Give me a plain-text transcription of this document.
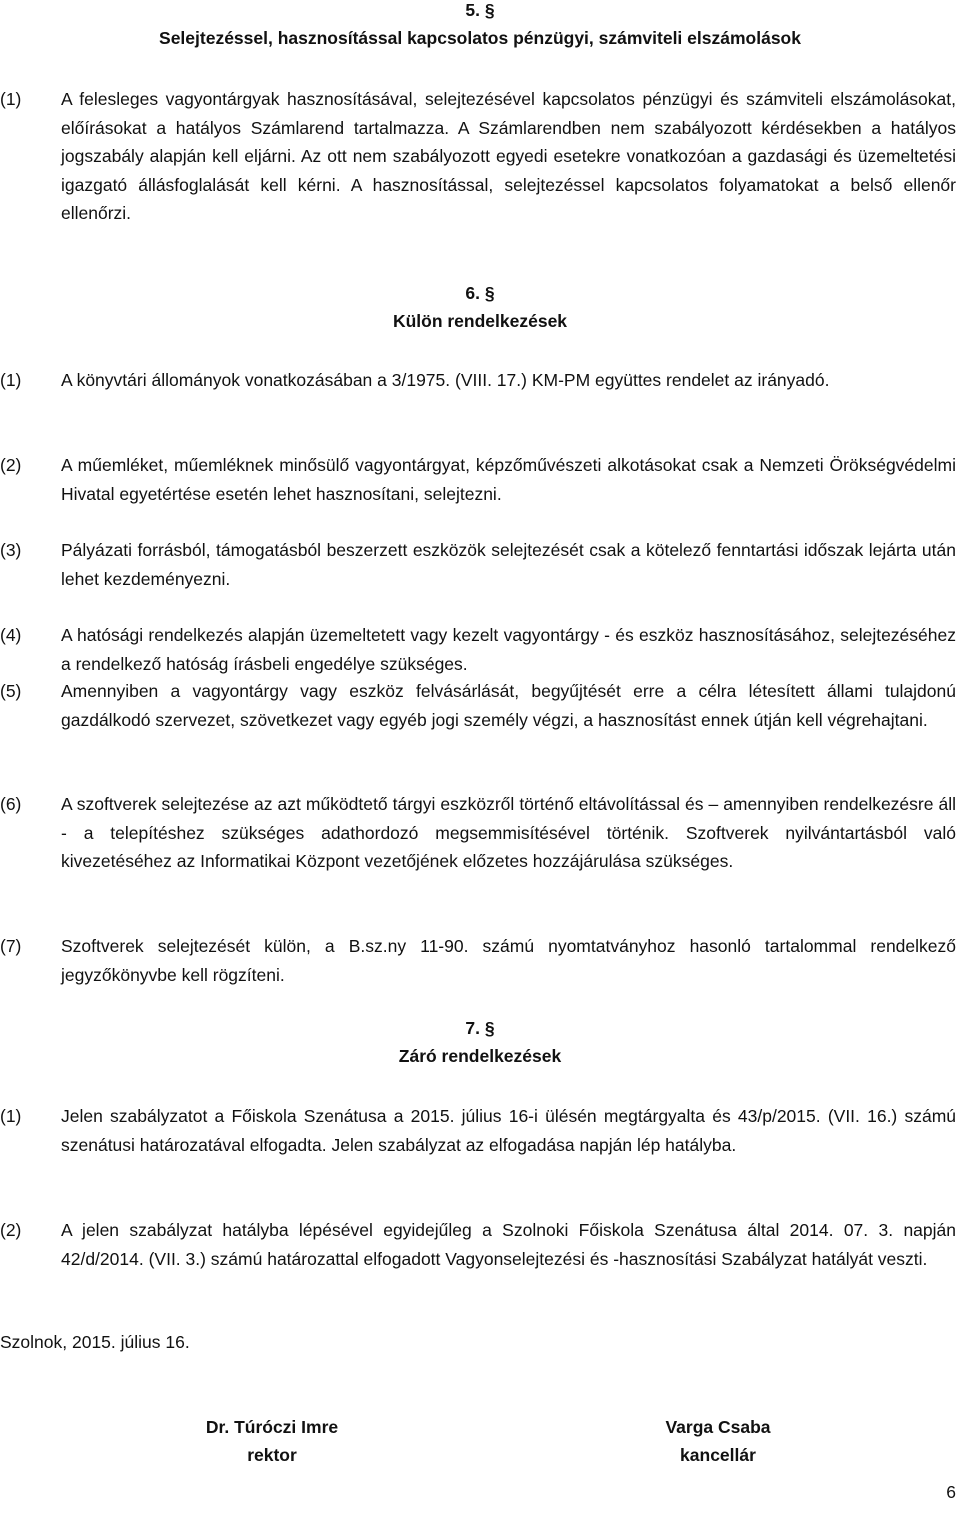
5. §
Selejtezéssel, hasznosítással kapcsolatos pénzügyi, számviteli elszámolások
(1) A felesleges vagyontárgyak hasznosításával, selejtezésével kapcsolatos pénzügyi és számviteli elszámolásokat, előírásokat a hatályos Számlarend tartalmazza. A Számlarendben nem szabályozott kérdésekben a hatályos jogszabály alapján kell eljárni. Az ott nem szabályozott egyedi esetekre vonatkozóan a gazdasági és üzemeltetési igazgató állásfoglalását kell kérni. A hasznosítással, selejtezéssel kapcsolatos folyamatokat a belső ellenőr ellenőrzi.
6. §
Külön rendelkezések
(1) A könyvtári állományok vonatkozásában a 3/1975. (VIII. 17.) KM-PM együttes rendelet az irányadó.
(2) A műemléket, műemléknek minősülő vagyontárgyat, képzőművészeti alkotásokat csak a Nemzeti Örökségvédelmi Hivatal egyetértése esetén lehet hasznosítani, selejtezni.
(3) Pályázati forrásból, támogatásból beszerzett eszközök selejtezését csak a kötelező fenntartási időszak lejárta után lehet kezdeményezni.
(4) A hatósági rendelkezés alapján üzemeltetett vagy kezelt vagyontárgy - és eszköz hasznosításához, selejtezéséhez a rendelkező hatóság írásbeli engedélye szükséges.
(5) Amennyiben a vagyontárgy vagy eszköz felvásárlását, begyűjtését erre a célra létesített állami tulajdonú gazdálkodó szervezet, szövetkezet vagy egyéb jogi személy végzi, a hasznosítást ennek útján kell végrehajtani.
(6) A szoftverek selejtezése az azt működtető tárgyi eszközről történő eltávolítással és – amennyiben rendelkezésre áll - a telepítéshez szükséges adathordozó megsemmisítésével történik. Szoftverek nyilvántartásból való kivezetéséhez az Informatikai Központ vezetőjének előzetes hozzájárulása szükséges.
(7) Szoftverek selejtezését külön, a B.sz.ny 11-90. számú nyomtatványhoz hasonló tartalommal rendelkező jegyzőkönyvbe kell rögzíteni.
7. §
Záró rendelkezések
(1) Jelen szabályzatot a Főiskola Szenátusa a 2015. július 16-i ülésén megtárgyalta és 43/p/2015. (VII. 16.) számú szenátusi határozatával elfogadta. Jelen szabályzat az elfogadása napján lép hatályba.
(2) A jelen szabályzat hatályba lépésével egyidejűleg a Szolnoki Főiskola Szenátusa által 2014. 07. 3. napján 42/d/2014. (VII. 3.) számú határozattal elfogadott Vagyonselejtezési és -hasznosítási Szabályzat hatályát veszti.
Szolnok, 2015. július 16.
Dr. Túróczi Imre
rektor
Varga Csaba
kancellár
6
